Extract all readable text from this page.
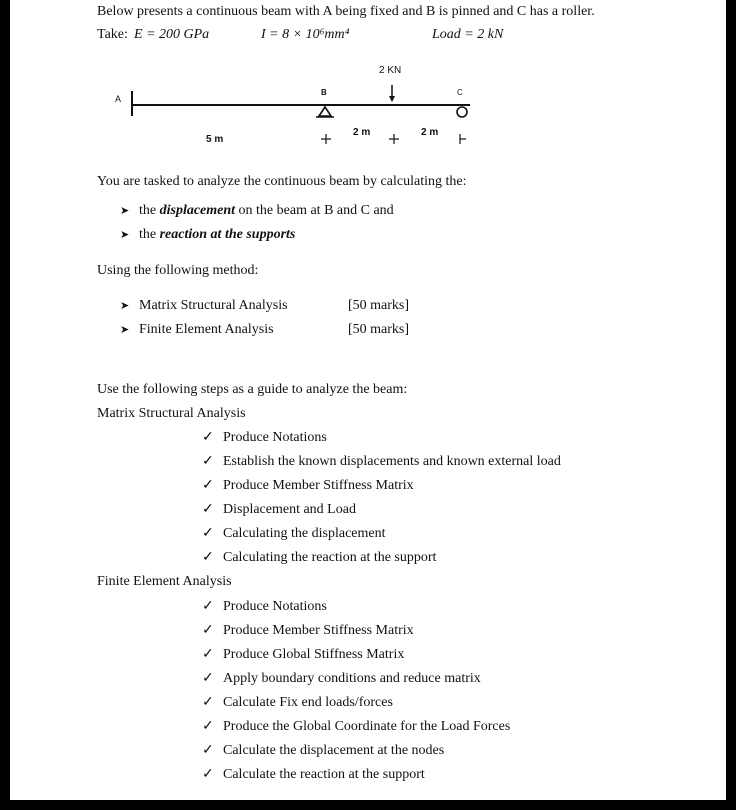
Below presents a continuous beam with A being fixed and B is pinned and C has a roller.
Take: E = 200 GPa	I = 8 × 10⁶mm⁴	Load = 2 kN
A
B	C
2 KN
5 m
2 m	2 m
You are tasked to analyze the continuous beam by calculating the:
➤ the displacement on the beam at B and C and
➤ the reaction at the supports
Using the following method:
➤ Matrix Structural Analysis	[50 marks]
➤ Finite Element Analysis	[50 marks]
Use the following steps as a guide to analyze the beam:
Matrix Structural Analysis
✓ Produce Notations
✓ Establish the known displacements and known external load
✓ Produce Member Stiffness Matrix
✓ Displacement and Load
✓ Calculating the displacement
✓ Calculating the reaction at the support
Finite Element Analysis
✓ Produce Notations
✓ Produce Member Stiffness Matrix
✓ Produce Global Stiffness Matrix
✓ Apply boundary conditions and reduce matrix
✓ Calculate Fix end loads/forces
✓ Produce the Global Coordinate for the Load Forces
✓ Calculate the displacement at the nodes
✓ Calculate the reaction at the support
